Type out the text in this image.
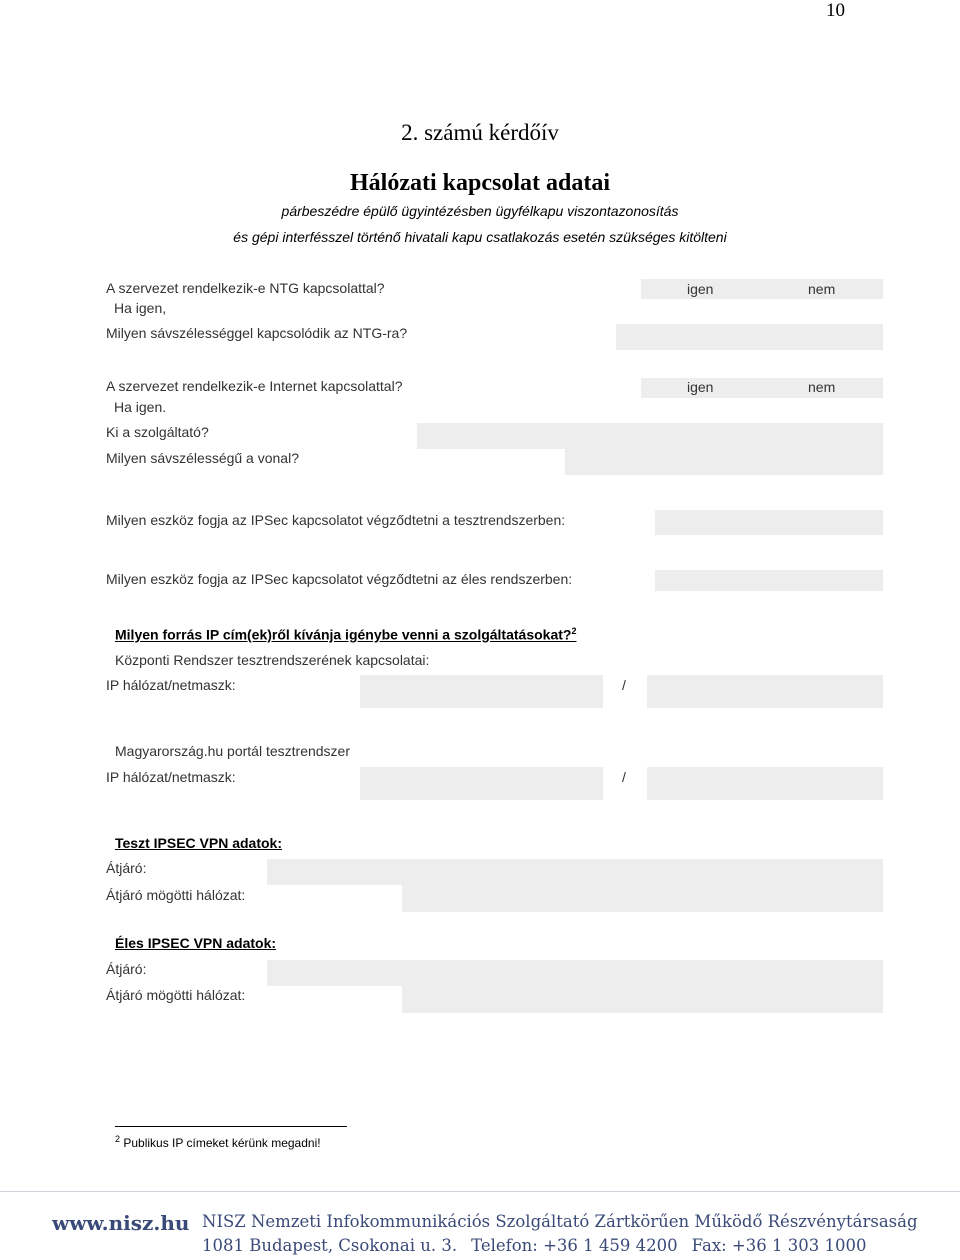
10
2. számú kérdőív
Hálózati kapcsolat adatai
párbeszédre épülő ügyintézésben ügyfélkapu viszontazonosítás
és gépi interfésszel történő hivatali kapu csatlakozás esetén szükséges kitölteni
A szervezet rendelkezik-e NTG kapcsolattal?	igen	nem
Ha igen,
Milyen sávszélességgel kapcsolódik az NTG-ra?
A szervezet rendelkezik-e Internet kapcsolattal?	igen	nem
Ha igen.
Ki a szolgáltató?
Milyen sávszélességű a vonal?
Milyen eszköz fogja az IPSec kapcsolatot végződtetni a tesztrendszerben:
Milyen eszköz fogja az IPSec kapcsolatot végződtetni az éles rendszerben:
Milyen forrás IP cím(ek)ről kívánja igénybe venni a szolgáltatásokat?$^2$
Központi Rendszer tesztrendszerének kapcsolatai:
IP hálózat/netmaszk:	/
Magyarország.hu portál tesztrendszer
IP hálózat/netmaszk:	/
Teszt IPSEC VPN adatok:
Átjáró:
Átjáró mögötti hálózat:
Éles IPSEC VPN adatok:
Átjáró:
Átjáró mögötti hálózat:
$^2$ Publikus IP címeket kérünk megadni!
www.nisz.hu NISZ Nemzeti Infokommunikációs Szolgáltató Zártkörűen Működő Részvénytársaság
1081 Budapest, Csokonai u. 3. Telefon: +36 1 459 4200 Fax: +36 1 303 1000
